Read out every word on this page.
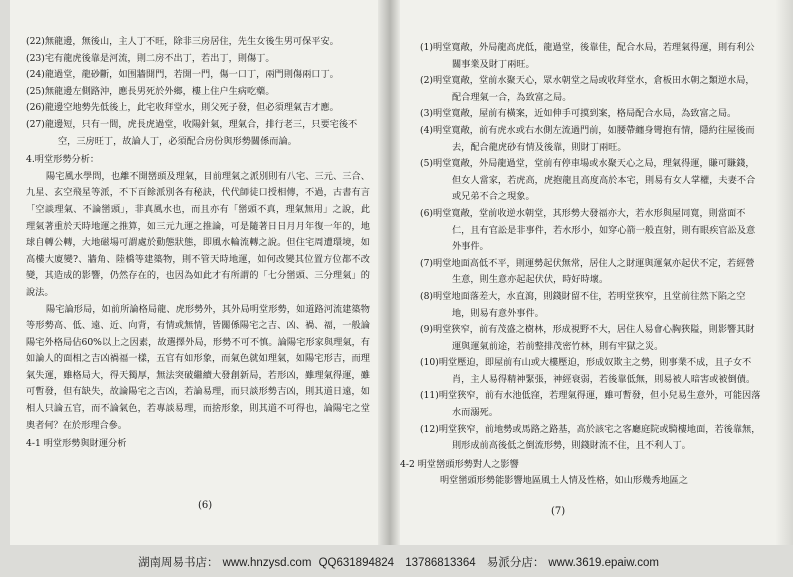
(22)無龍邊，無後山，主人丁不旺，除非三房居住，先生女後生男可保平安。

(23)宅有龍虎後靠是河流，則二房不出丁，若出丁，則傷丁。

(24)龍過堂，龍砂斷，如围牆開門，若開一門，傷一口丁，兩門則傷兩口丁。

(25)無龍邊左側路沖，應長男死於外鄉，樓上住户生病吃藥。

(26)龍邊空地勢先低後上，此宅收拜堂水，則父死子發，但必須理氣吉才應。

(27)龍邊短，只有一間，虎長虎過堂，收陽針氣，理氣合，排行老三，只要宅後不空，三房旺丁，故論人丁，必須配合房份與形勢關係而論。

4.明堂形勢分析：

陽宅風水學問，也離不開巒頭及理氣，目前理氣之派別則有八宅、三元、三合、九星、玄空飛星等派，不下百餘派別各有秘訣，代代師徒口授相傳，不過，古書有言「空談理氣、不論巒頭」，非真風水也，而且亦有「巒頭不真，理氣無用」之說，此理氣著重於天時地運之推算，如三元九運之推論，可是隨著日日月月年復一年的，地球自轉公轉，大地磁場可謂處於動態狀態，即風水輪流轉之說。但住宅周遭環境，如高樓大廈變?、牆角、陸橋等建築物，則不管天時地運，如何改變其位置方位都不改變，其造成的影響，仍然存在的，也因為如此才有所謂的「七分巒頭、三分理氣」的說法。

陽宅論形局，如前所論格局龍、虎形勢外，其外局明堂形勢，如道路河流建築物等形勢高、低、遠、近、向背，有情或無情，皆關係陽宅之吉、凶、禍、福，一般論陽宅外格局佔60%以上之因素，故選擇外局，形勢不可不慎。論陽宅形家與理氣，有如論人的面相之吉凶禍福一樣，五官有如形象，而氣色就如理氣，如陽宅形吉，而理氣失運，雖格局大，得天獨厚，無法突破繼續大發創新局，若形凶，雖理氣得運，雖可暫發，但有缺失，故論陽宅之吉凶，若論易理，而只談形勢吉凶，則其道日遠，如相人只論五官，而不論氣色，若專談易理，而捨形象，則其道不可得也，論陽宅之堂奧者何？在於形理合參。

4-1 明堂形勢與財運分析

(6)

(1)明堂寬敞，外局龍高虎低，龍過堂，後靠佳，配合水局，若理氣得運，則有利公關事業及財丁兩旺。

(2)明堂寬敞，堂前水聚天心，眾水朝堂之局或收拜堂水，倉板田水朝之類逆水局，配合理氣一合，為致富之局。

(3)明堂寬敞，屋前有橫案，近如伸手可摸到案，格局配合水局，為致富之局。

(4)明堂寬敞，前有虎水或右水側左流過門前，如腰帶纏身彎抱有情，隱約往屋後而去，配合龍虎砂有情及後靠，則財丁兩旺。

(5)明堂寬敞，外局龍過堂，堂前有停車場或水聚天心之局，理氣得運，賺可賺錢，但女人當家，若虎高，虎抱龍且高度高於本宅，則易有女人掌權，夫妻不合或兄弟不合之現象。

(6)明堂寬敞，堂前收逆水朝堂，其形勢大發福亦大，若水形與屋同寬，則當面不仁，且有官訟是非事件，若水形小，如穿心箭一般直射，則有眼疾官訟及意外事件。

(7)明堂地面高低不平，則運勢起伏無常，居住人之財運與運氣亦起伏不定，若經營生意，則生意亦起起伏伏，時好時壞。

(8)明堂地面落差大，水直瀉，則錢財留不住，若明堂狹窄，且堂前往然下陷之空地，則易有意外事件。

(9)明堂狹窄，前有茂盛之樹林，形成視野不大，居住人易會心胸狹隘，則影響其財運與運氣前途，若前整排茂密竹林，則有牢獄之災。

(10)明堂壓迫，即屋前有山或大樓壓迫，形成奴欺主之勢，則事業不成，且子女不肖，主人易得精神緊張，神經衰弱，若後靠低無，則易被人暗害或被倒債。

(11)明堂狹窄，前有水池低窪，若理氣得運，雖可暫發，但小兒易生意外，可能因落水而溺死。

(12)明堂狹窄，前地勢或馬路之路基，高於該宅之客廳庭院或騎樓地面，若後靠無，則形成前高後低之倒流形勢，則錢財流不住，且不利人丁。

4-2 明堂巒頭形勢對人之影響

明堂巒頭形勢能影響地區風土人情及性格，如山形幾秀地區之

(7)
湖南周易书店： www.hnzysd.com QQ631894824 13786813364 易派分店： www.3619.epaiw.com
